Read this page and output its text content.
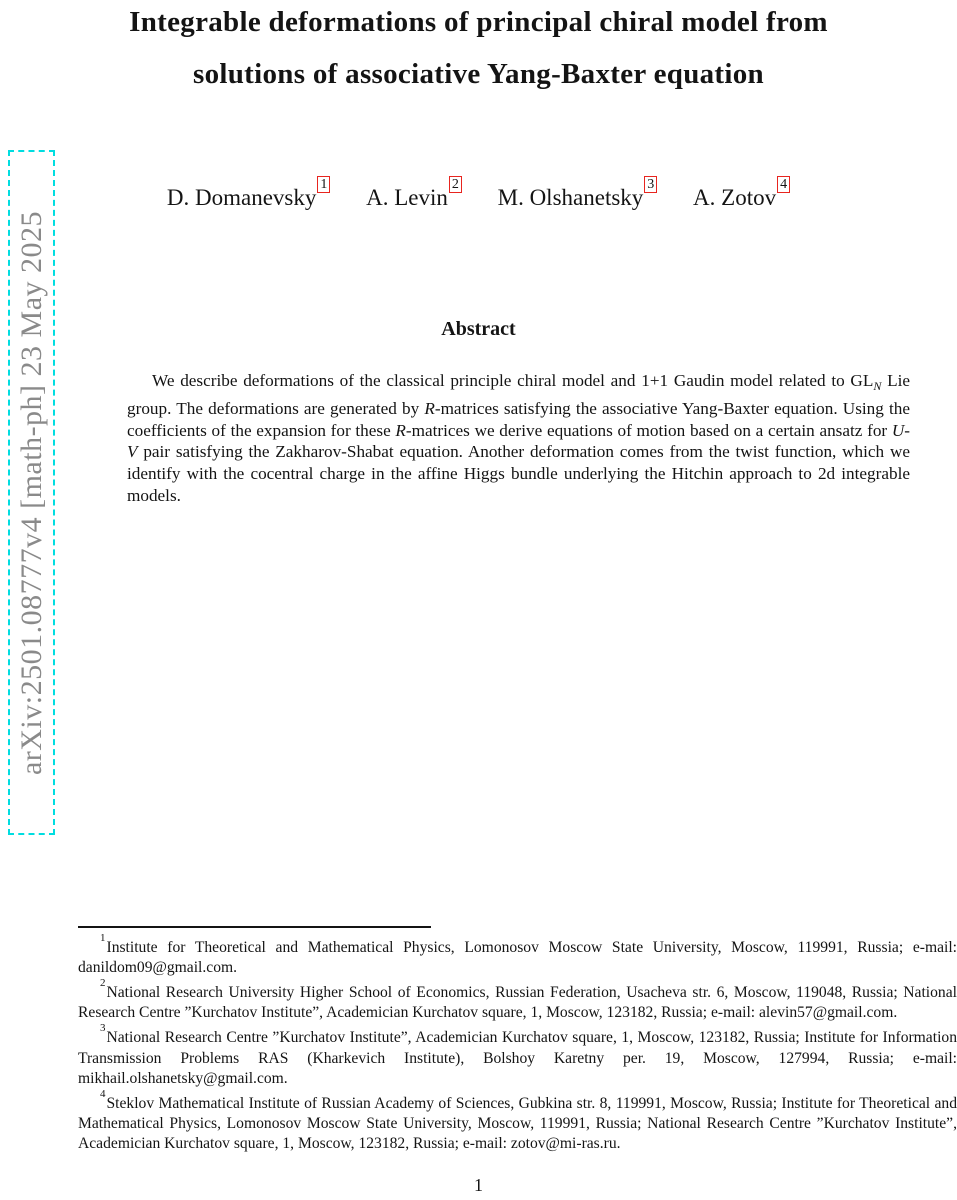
arXiv:2501.08777v4 [math-ph] 23 May 2025
Integrable deformations of principal chiral model from
solutions of associative Yang-Baxter equation
D. Domanevsky$^1$ A. Levin$^2$ M. Olshanetsky$^3$ A. Zotov$^4$
Abstract

We describe deformations of the classical principle chiral model and 1+1 Gaudin model related to $GL_N$ Lie group. The deformations are generated by R-matrices satisfying the associative Yang-Baxter equation. Using the coefficients of the expansion for these R-matrices we derive equations of motion based on a certain ansatz for U-V pair satisfying the Zakharov-Shabat equation. Another deformation comes from the twist function, which we identify with the cocentral charge in the affine Higgs bundle underlying the Hitchin approach to 2d integrable models.

$^1$Institute for Theoretical and Mathematical Physics, Lomonosov Moscow State University, Moscow, 119991, Russia; e-mail: danildom09@gmail.com.

$^2$National Research University Higher School of Economics, Russian Federation, Usacheva str. 6, Moscow, 119048, Russia; National Research Centre ”Kurchatov Institute”, Academician Kurchatov square, 1, Moscow, 123182, Russia; e-mail: alevin57@gmail.com.

$^3$National Research Centre ”Kurchatov Institute”, Academician Kurchatov square, 1, Moscow, 123182, Russia; Institute for Information Transmission Problems RAS (Kharkevich Institute), Bolshoy Karetny per. 19, Moscow, 127994, Russia; e-mail: mikhail.olshanetsky@gmail.com.

$^4$Steklov Mathematical Institute of Russian Academy of Sciences, Gubkina str. 8, 119991, Moscow, Russia; Institute for Theoretical and Mathematical Physics, Lomonosov Moscow State University, Moscow, 119991, Russia; National Research Centre ”Kurchatov Institute”, Academician Kurchatov square, 1, Moscow, 123182, Russia; e-mail: zotov@mi-ras.ru.

1
